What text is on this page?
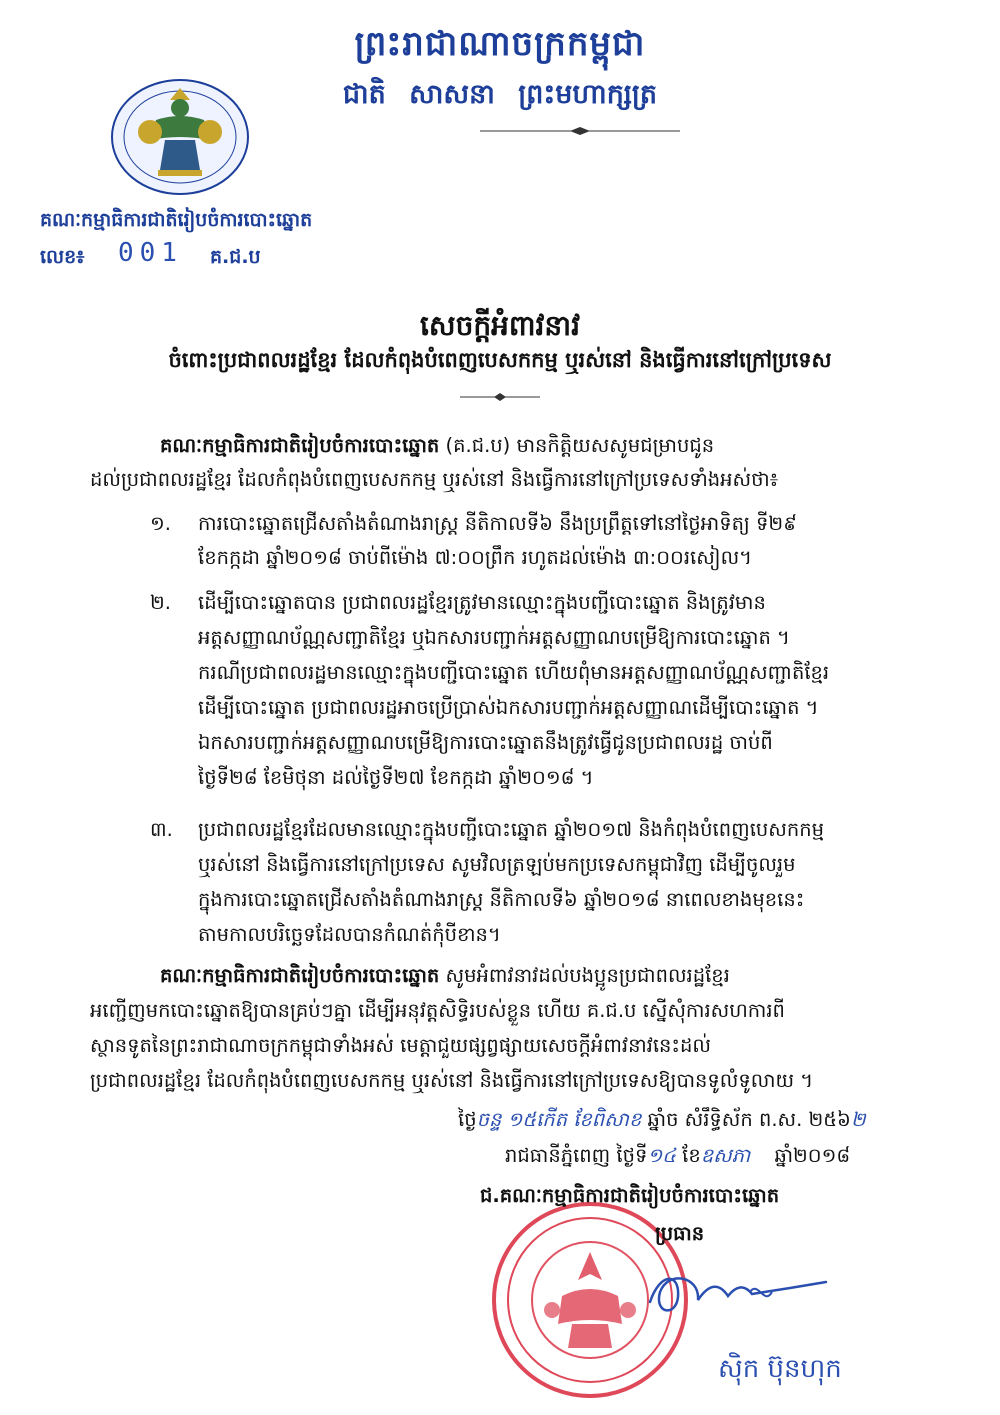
ព្រះរាជាណាចក្រកម្ពុជា
ជាតិ សាសនា ព្រះមហាក្សត្រ
គណៈកម្មាធិការជាតិរៀបចំការបោះឆ្នោត
លេខ៖ 001 គ.ជ.ប
សេចក្តីអំពាវនាវ
ចំពោះប្រជាពលរដ្ឋខ្មែរ ដែលកំពុងបំពេញបេសកកម្ម ឬរស់នៅ និងធ្វើការនៅក្រៅប្រទេស
គណៈកម្មាធិការជាតិរៀបចំការបោះឆ្នោត (គ.ជ.ប) មានកិត្តិយសសូមជម្រាបជូន
ដល់ប្រជាពលរដ្ឋខ្មែរ ដែលកំពុងបំពេញបេសកកម្ម ឬរស់នៅ និងធ្វើការនៅក្រៅប្រទេសទាំងអស់ថា៖
១. ការបោះឆ្នោតជ្រើសតាំងតំណាងរាស្ត្រ នីតិកាលទី៦ នឹងប្រព្រឹត្តទៅនៅថ្ងៃអាទិត្យ ទី២៩
ខែកក្កដា ឆ្នាំ២០១៨ ចាប់ពីម៉ោង ៧:០០ព្រឹក រហូតដល់ម៉ោង ៣:០០រសៀល។
២. ដើម្បីបោះឆ្នោតបាន ប្រជាពលរដ្ឋខ្មែរត្រូវមានឈ្មោះក្នុងបញ្ជីបោះឆ្នោត និងត្រូវមាន
អត្តសញ្ញាណប័ណ្ណសញ្ជាតិខ្មែរ ឬឯកសារបញ្ជាក់អត្តសញ្ញាណបម្រើឱ្យការបោះឆ្នោត ។
ករណីប្រជាពលរដ្ឋមានឈ្មោះក្នុងបញ្ជីបោះឆ្នោត ហើយពុំមានអត្តសញ្ញាណប័ណ្ណសញ្ជាតិខ្មែរ
ដើម្បីបោះឆ្នោត ប្រជាពលរដ្ឋអាចប្រើប្រាស់ឯកសារបញ្ជាក់អត្តសញ្ញាណដើម្បីបោះឆ្នោត ។
ឯកសារបញ្ជាក់អត្តសញ្ញាណបម្រើឱ្យការបោះឆ្នោតនឹងត្រូវធ្វើជូនប្រជាពលរដ្ឋ ចាប់ពី
ថ្ងៃទី២៨ ខែមិថុនា ដល់ថ្ងៃទី២៧ ខែកក្កដា ឆ្នាំ២០១៨ ។
៣. ប្រជាពលរដ្ឋខ្មែរដែលមានឈ្មោះក្នុងបញ្ជីបោះឆ្នោត ឆ្នាំ២០១៧ និងកំពុងបំពេញបេសកកម្ម
ឬរស់នៅ និងធ្វើការនៅក្រៅប្រទេស សូមវិលត្រឡប់មកប្រទេសកម្ពុជាវិញ ដើម្បីចូលរួម
ក្នុងការបោះឆ្នោតជ្រើសតាំងតំណាងរាស្ត្រ នីតិកាលទី៦ ឆ្នាំ២០១៨ នាពេលខាងមុខនេះ
តាមកាលបរិច្ឆេទដែលបានកំណត់កុំបីខាន។
គណៈកម្មាធិការជាតិរៀបចំការបោះឆ្នោត សូមអំពាវនាវដល់បងប្អូនប្រជាពលរដ្ឋខ្មែរ
អញ្ជើញមកបោះឆ្នោតឱ្យបានគ្រប់ៗគ្នា ដើម្បីអនុវត្តសិទ្ធិរបស់ខ្លួន ហើយ គ.ជ.ប ស្នើសុំការសហការពី
ស្ថានទូតនៃព្រះរាជាណាចក្រកម្ពុជាទាំងអស់ មេត្តាជួយផ្សព្វផ្សាយសេចក្តីអំពាវនាវនេះដល់
ប្រជាពលរដ្ឋខ្មែរ ដែលកំពុងបំពេញបេសកកម្ម ឬរស់នៅ និងធ្វើការនៅក្រៅប្រទេសឱ្យបានទូលំទូលាយ ។
ថ្ងៃចន្ទ ១៥កើត ខែពិសាខ ឆ្នាំច សំរឹទ្ធិស័ក ព.ស. ២៥៦២
រាជធានីភ្នំពេញ ថ្ងៃទី១៤ ខែឧសភា ឆ្នាំ២០១៨
ជ.គណៈកម្មាធិការជាតិរៀបចំការបោះឆ្នោត
ប្រធាន
ស៊ិក ប៊ុនហុក
